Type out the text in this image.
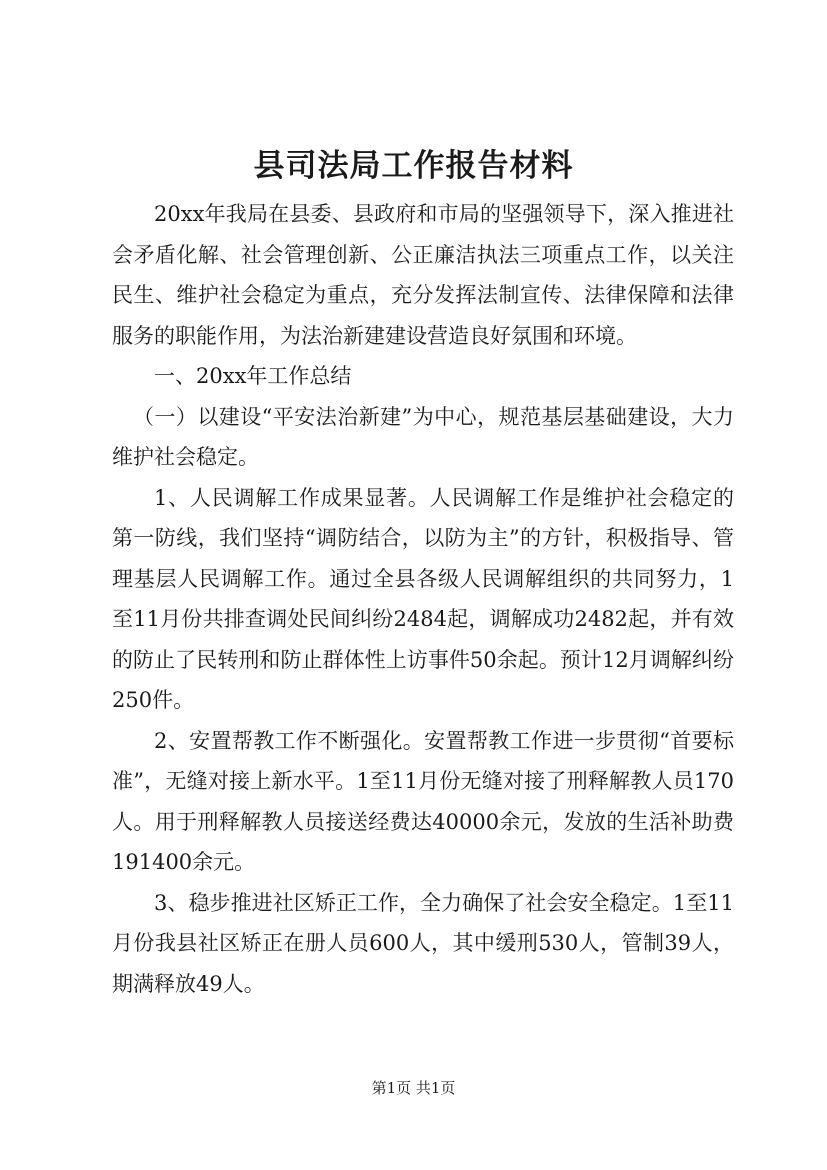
县司法局工作报告材料

20xx年我局在县委、县政府和市局的坚强领导下，深入推进社会矛盾化解、社会管理创新、公正廉洁执法三项重点工作，以关注民生、维护社会稳定为重点，充分发挥法制宣传、法律保障和法律服务的职能作用，为法治新建建设营造良好氛围和环境。

一、20xx年工作总结

（一）以建设“平安法治新建”为中心，规范基层基础建设，大力维护社会稳定。

1、人民调解工作成果显著。人民调解工作是维护社会稳定的第一防线，我们坚持“调防结合，以防为主”的方针，积极指导、管理基层人民调解工作。通过全县各级人民调解组织的共同努力，1至11月份共排查调处民间纠纷2484起，调解成功2482起，并有效的防止了民转刑和防止群体性上访事件50余起。预计12月调解纠纷250件。

2、安置帮教工作不断强化。安置帮教工作进一步贯彻“首要标准”，无缝对接上新水平。1至11月份无缝对接了刑释解教人员170人。用于刑释解教人员接送经费达40000余元，发放的生活补助费191400余元。

3、稳步推进社区矫正工作，全力确保了社会安全稳定。1至11月份我县社区矫正在册人员600人，其中缓刑530人，管制39人，期满释放49人。

第1页 共1页
